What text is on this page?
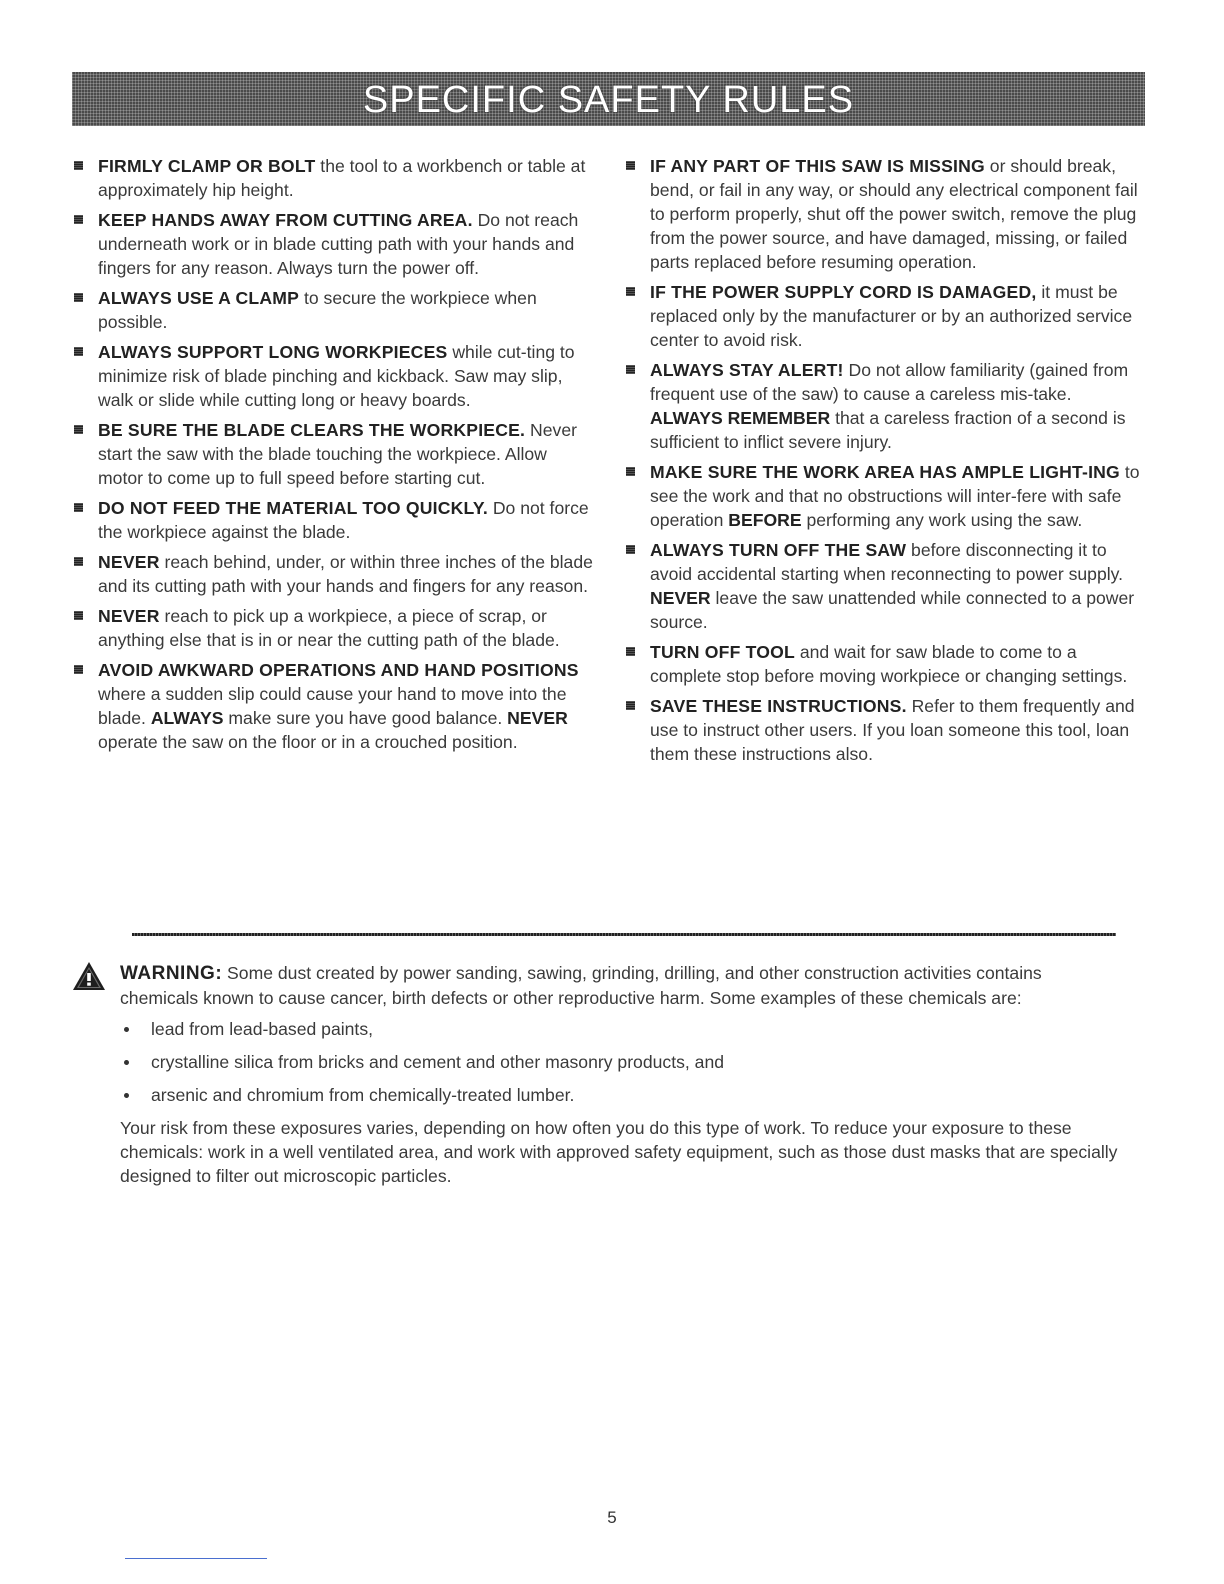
SPECIFIC SAFETY RULES
FIRMLY CLAMP OR BOLT the tool to a workbench or table at approximately hip height.
KEEP HANDS AWAY FROM CUTTING AREA. Do not reach underneath work or in blade cutting path with your hands and fingers for any reason. Always turn the power off.
ALWAYS USE A CLAMP to secure the workpiece when possible.
ALWAYS SUPPORT LONG WORKPIECES while cut-ting to minimize risk of blade pinching and kickback. Saw may slip, walk or slide while cutting long or heavy boards.
BE SURE THE BLADE CLEARS THE WORKPIECE. Never start the saw with the blade touching the workpiece. Allow motor to come up to full speed before starting cut.
DO NOT FEED THE MATERIAL TOO QUICKLY. Do not force the workpiece against the blade.
NEVER reach behind, under, or within three inches of the blade and its cutting path with your hands and fingers for any reason.
NEVER reach to pick up a workpiece, a piece of scrap, or anything else that is in or near the cutting path of the blade.
AVOID AWKWARD OPERATIONS AND HAND POSITIONS where a sudden slip could cause your hand to move into the blade. ALWAYS make sure you have good balance. NEVER operate the saw on the floor or in a crouched position.
IF ANY PART OF THIS SAW IS MISSING or should break, bend, or fail in any way, or should any electrical component fail to perform properly, shut off the power switch, remove the plug from the power source, and have damaged, missing, or failed parts replaced before resuming operation.
IF THE POWER SUPPLY CORD IS DAMAGED, it must be replaced only by the manufacturer or by an authorized service center to avoid risk.
ALWAYS STAY ALERT! Do not allow familiarity (gained from frequent use of the saw) to cause a careless mis-take. ALWAYS REMEMBER that a careless fraction of a second is sufficient to inflict severe injury.
MAKE SURE THE WORK AREA HAS AMPLE LIGHT-ING to see the work and that no obstructions will inter-fere with safe operation BEFORE performing any work using the saw.
ALWAYS TURN OFF THE SAW before disconnecting it to avoid accidental starting when reconnecting to power supply. NEVER leave the saw unattended while connected to a power source.
TURN OFF TOOL and wait for saw blade to come to a complete stop before moving workpiece or changing settings.
SAVE THESE INSTRUCTIONS. Refer to them frequently and use to instruct other users. If you loan someone this tool, loan them these instructions also.
WARNING: Some dust created by power sanding, sawing, grinding, drilling, and other construction activities contains chemicals known to cause cancer, birth defects or other reproductive harm. Some examples of these chemicals are:
lead from lead-based paints,
crystalline silica from bricks and cement and other masonry products, and
arsenic and chromium from chemically-treated lumber.
Your risk from these exposures varies, depending on how often you do this type of work. To reduce your exposure to these chemicals: work in a well ventilated area, and work with approved safety equipment, such as those dust masks that are specially designed to filter out microscopic particles.
5
